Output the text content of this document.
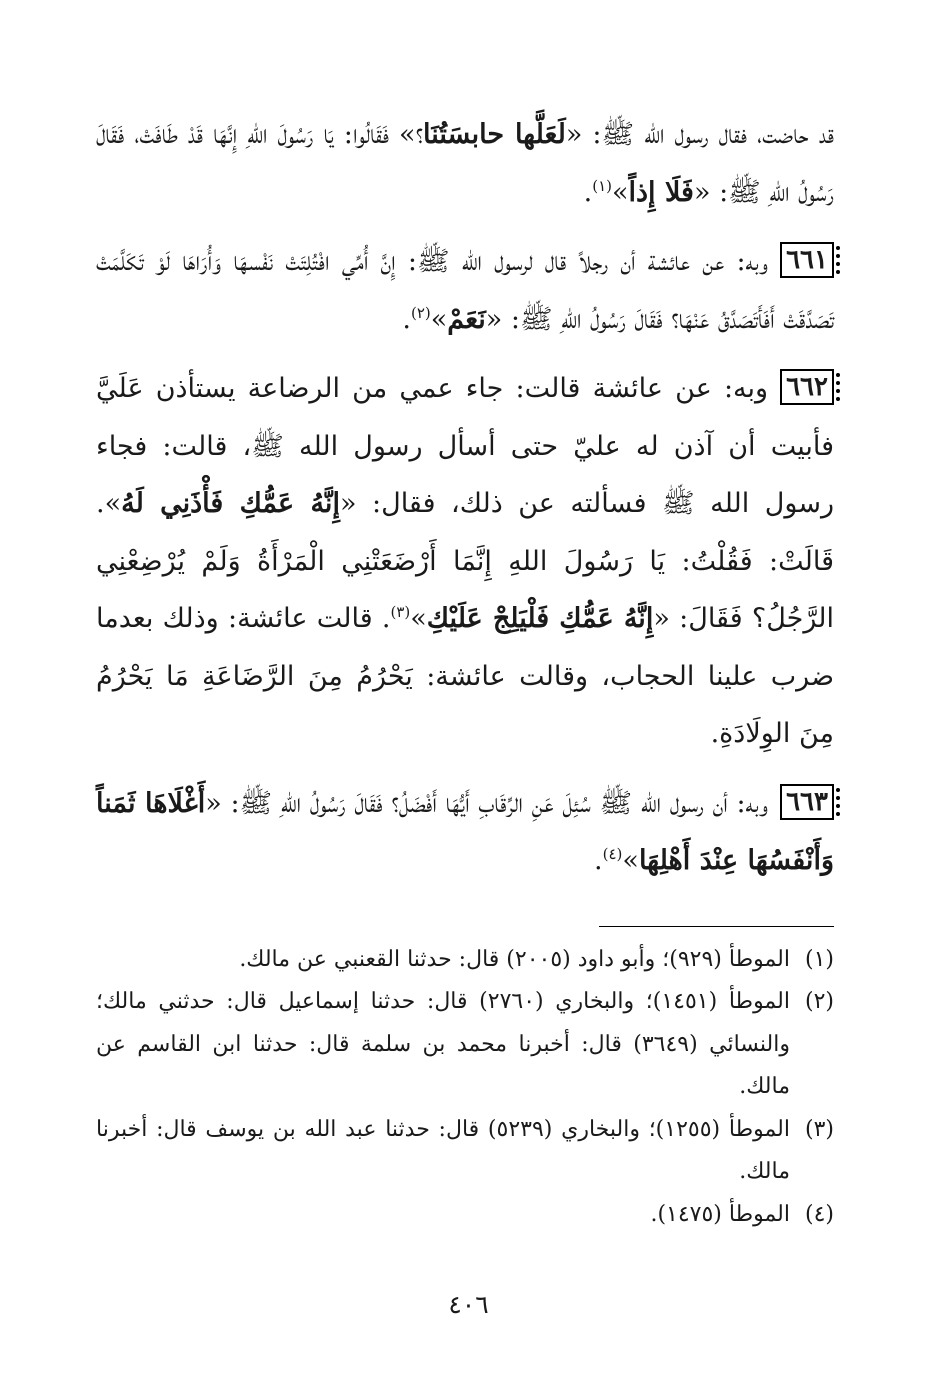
قد حاضت، فقال رسول الله ﷺ: «لَعَلَّها حابسَتُنَا؟» فَقَالُوا: يَا رَسُولَ اللهِ إِنَّهَا قَدْ طَافَتْ، فَقَالَ رَسُولُ اللهِ ﷺ: «فَلَا إِذاً»$^{(١)}$.

٦٦١وبه: عن عائشة أن رجلاً قال لرسول الله ﷺ: إِنَّ أُمِّي افْتُلِتَتْ نَفْسهَا وَأُرَاهَا لَوْ تَكَلَّمَتْ تَصَدَّقَتْ أَفَأَتَصَدَّقُ عَنْهَا؟ فَقَالَ رَسُولُ اللهِ ﷺ: «نَعَمْ»$^{(٢)}$.

٦٦٢وبه: عن عائشة قالت: جاء عمي من الرضاعة يستأذن عَلَيَّ فأبيت أن آذن له عليّ حتى أسأل رسول الله ﷺ، قالت: فجاء رسول الله ﷺ فسألته عن ذلك، فقال: «إِنَّهُ عَمُّكِ فَأْذَنِي لَهُ». قَالَتْ: فَقُلْتُ: يَا رَسُولَ اللهِ إِنَّمَا أَرْضَعَتْنِي الْمَرْأَةُ وَلَمْ يُرْضِعْنِي الرَّجُلُ؟ فَقَالَ: «إِنَّهُ عَمُّكِ فَلْيَلِجْ عَلَيْكِ»$^{(٣)}$. قالت عائشة: وذلك بعدما ضرب علينا الحجاب، وقالت عائشة: يَحْرُمُ مِنَ الرَّضَاعَةِ مَا يَحْرُمُ مِنَ الوِلَادَةِ.

٦٦٣وبه: أن رسول الله ﷺ سُئِلَ عَنِ الرِّقَابِ أَيُّهَا أَفْضَلُ؟ فَقَالَ رَسُولُ اللهِ ﷺ: «أَغْلَاهَا ثَمَناً وَأَنْفَسُهَا عِنْدَ أَهْلِهَا»$^{(٤)}$.

(١)
الموطأ (٩٢٩)؛ وأبو داود (٢٠٠٥) قال: حدثنا القعنبي عن مالك.
(٢)
الموطأ (١٤٥١)؛ والبخاري (٢٧٦٠) قال: حدثنا إسماعيل قال: حدثني مالك؛ والنسائي (٣٦٤٩) قال: أخبرنا محمد بن سلمة قال: حدثنا ابن القاسم عن مالك.
(٣)
الموطأ (١٢٥٥)؛ والبخاري (٥٢٣٩) قال: حدثنا عبد الله بن يوسف قال: أخبرنا مالك.
(٤)
الموطأ (١٤٧٥).
٤٠٦
